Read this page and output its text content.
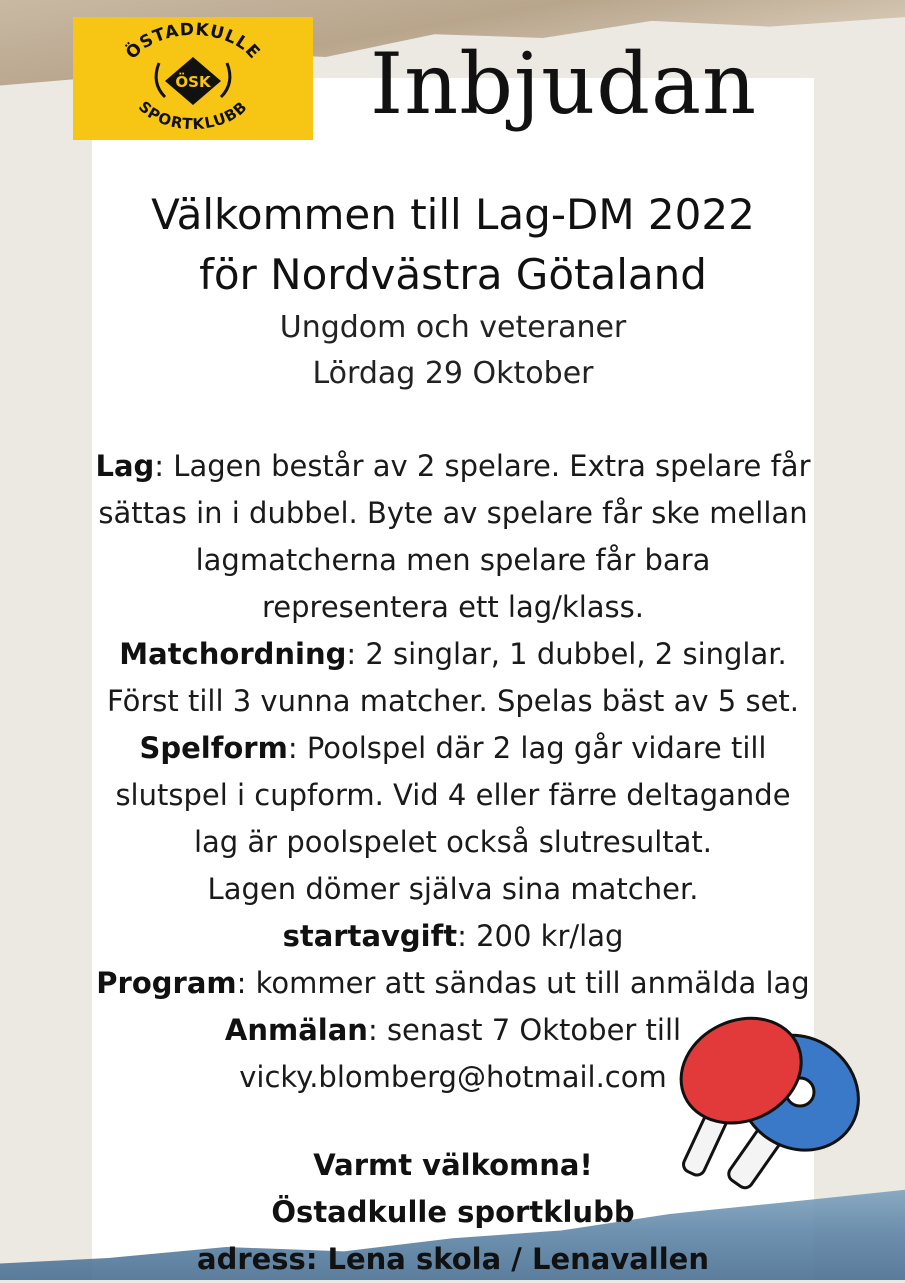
ÖSTADKULLE
SPORTKLUBB
ÖSK Inbjudan
Välkommen till Lag-DM 2022
för Nordvästra Götaland
Ungdom och veteraner
Lördag 29 Oktober

Lag: Lagen består av 2 spelare. Extra spelare får

sättas in i dubbel. Byte av spelare får ske mellan

lagmatcherna men spelare får bara

representera ett lag/klass.

Matchordning: 2 singlar, 1 dubbel, 2 singlar.

Först till 3 vunna matcher. Spelas bäst av 5 set.

Spelform: Poolspel där 2 lag går vidare till

slutspel i cupform. Vid 4 eller färre deltagande

lag är poolspelet också slutresultat.

Lagen dömer själva sina matcher.

startavgift: 200 kr/lag

Program: kommer att sändas ut till anmälda lag

Anmälan: senast 7 Oktober till

vicky.blomberg@hotmail.com

Varmt välkomna!
Östadkulle sportklubb
adress: Lena skola / Lenavallen
